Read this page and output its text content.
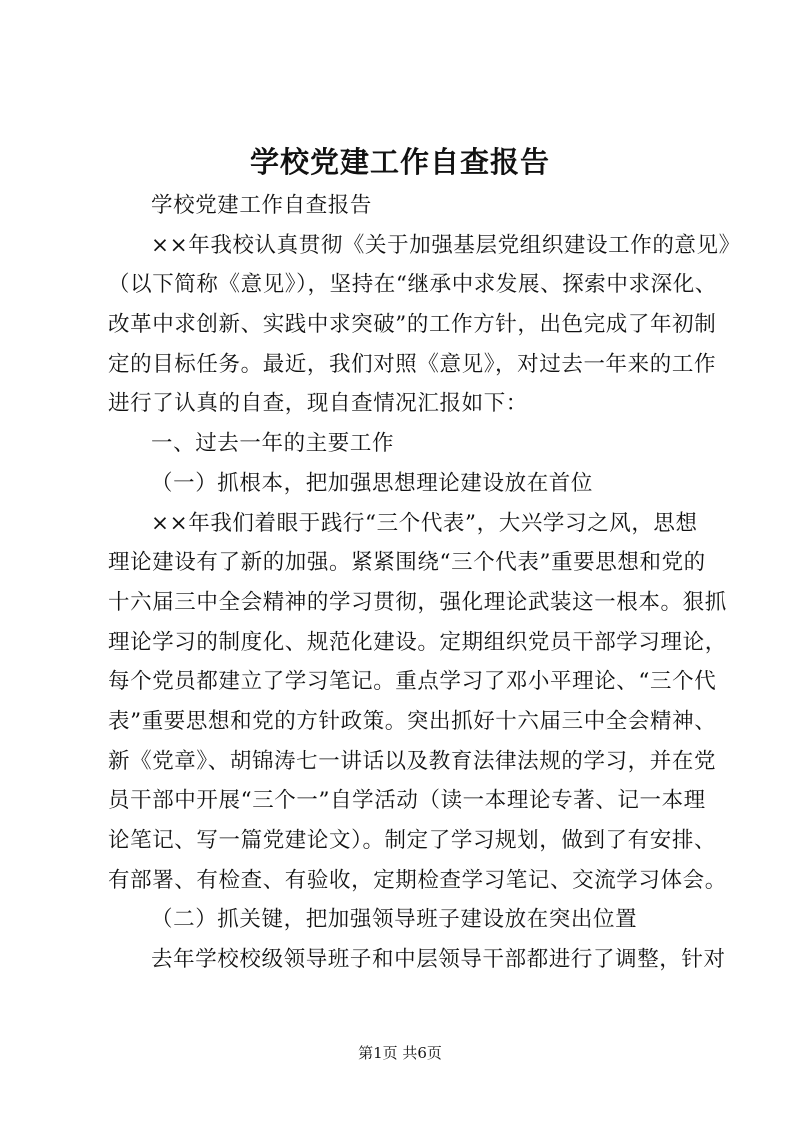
学校党建工作自查报告
学校党建工作自查报告
××年我校认真贯彻《关于加强基层党组织建设工作的意见》
（以下简称《意见》），坚持在“继承中求发展、探索中求深化、
改革中求创新、实践中求突破”的工作方针，出色完成了年初制
定的目标任务。最近，我们对照《意见》，对过去一年来的工作
进行了认真的自查，现自查情况汇报如下：
一、过去一年的主要工作
（一）抓根本，把加强思想理论建设放在首位
××年我们着眼于践行“三个代表”，大兴学习之风，思想
理论建设有了新的加强。紧紧围绕“三个代表”重要思想和党的
十六届三中全会精神的学习贯彻，强化理论武装这一根本。狠抓
理论学习的制度化、规范化建设。定期组织党员干部学习理论，
每个党员都建立了学习笔记。重点学习了邓小平理论、“三个代
表”重要思想和党的方针政策。突出抓好十六届三中全会精神、
新《党章》、胡锦涛七一讲话以及教育法律法规的学习，并在党
员干部中开展“三个一”自学活动（读一本理论专著、记一本理
论笔记、写一篇党建论文）。制定了学习规划，做到了有安排、
有部署、有检查、有验收，定期检查学习笔记、交流学习体会。
（二）抓关键，把加强领导班子建设放在突出位置
去年学校校级领导班子和中层领导干部都进行了调整，针对
第1页 共6页
